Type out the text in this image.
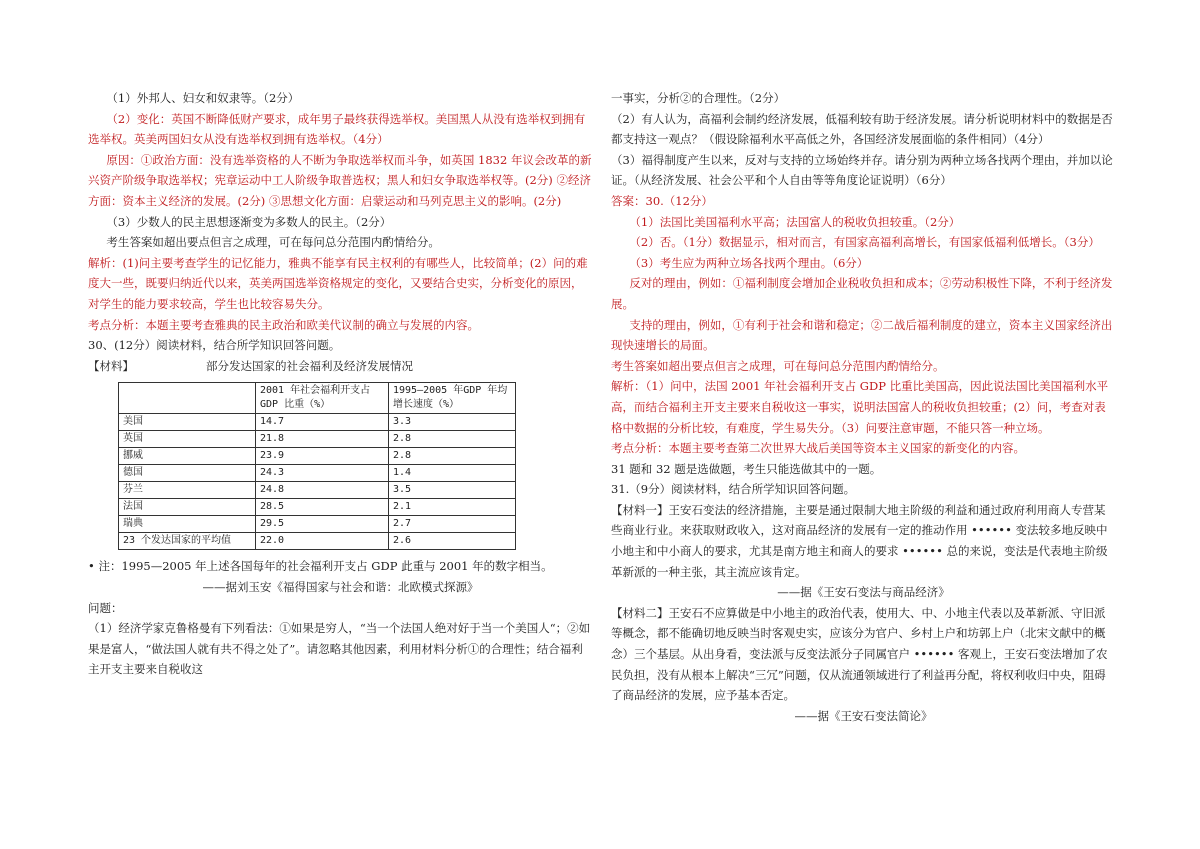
（1）外邦人、妇女和奴隶等。（2分）

（2）变化：英国不断降低财产要求，成年男子最终获得选举权。美国黑人从没有选举权到拥有选举权。英美两国妇女从没有选举权到拥有选举权。（4分）

原因：①政治方面：没有选举资格的人不断为争取选举权而斗争，如英国 1832 年议会改革的新兴资产阶级争取选举权；宪章运动中工人阶级争取普选权；黑人和妇女争取选举权等。(2分) ②经济方面：资本主义经济的发展。(2分) ③思想文化方面：启蒙运动和马列克思主义的影响。(2分)

（3）少数人的民主思想逐渐变为多数人的民主。（2分）

考生答案如超出要点但言之成理，可在每问总分范围内酌情给分。

解析：(1)问主要考查学生的记忆能力，雅典不能享有民主权利的有哪些人，比较简单；(2）问的难度大一些，既要归纳近代以来，英美两国选举资格规定的变化，又要结合史实，分析变化的原因，对学生的能力要求较高，学生也比较容易失分。

考点分析：本题主要考查雅典的民主政治和欧美代议制的确立与发展的内容。

30、(12分）阅读材料，结合所学知识回答问题。

【材料】	部分发达国家的社会福利及经济发展情况
	2001 年社会福利开支占 GDP 比重（%）	1995—2005 年GDP 年均增长速度（%）
美国	14.7	3.3
英国	21.8	2.8
挪威	23.9	2.8
德国	24.3	1.4
芬兰	24.8	3.5
法国	28.5	2.1
瑞典	29.5	2.7
23 个发达国家的平均值	22.0	2.6

• 注：1995—2005 年上述各国每年的社会福利开支占 GDP 此重与 2001 年的数字相当。

——据刘玉安《福得国家与社会和谐：北欧模式探源》

问题：

（1）经济学家克鲁格曼有下列看法：①如果是穷人，“当一个法国人绝对好于当一个美国人“；②如果是富人，“做法国人就有共不得之处了”。请忽略其他因素，利用材料分析①的合理性；结合福利主开支主要来自税收这

一事实，分析②的合理性。（2分）

（2）有人认为，高福利会制约经济发展，低福利较有助于经济发展。请分析说明材料中的数据是否都支持这一观点？（假设除福利水平高低之外，各国经济发展面临的条件相同）（4分）

（3）福得制度产生以来，反对与支持的立场始终并存。请分别为两种立场各找两个理由，并加以论证。（从经济发展、社会公平和个人自由等等角度论证说明）（6分）

答案：30.（12分）

（1）法国比美国福利水平高；法国富人的税收负担较重。（2分）

（2）否。（1分）数据显示，相对而言，有国家高福利高增长，有国家低福利低增长。（3分）

（3）考生应为两种立场各找两个理由。（6分）

反对的理由，例如：①福利制度会增加企业税收负担和成本；②劳动积极性下降，不利于经济发展。

支持的理由，例如，①有利于社会和谐和稳定；②二战后福利制度的建立，资本主义国家经济出现快速增长的局面。

考生答案如超出要点但言之成理，可在每问总分范围内酌情给分。

解析：（1）问中，法国 2001 年社会福利开支占 GDP 比重比美国高，因此说法国比美国福利水平高，而结合福利主开支主要来自税收这一事实，说明法国富人的税收负担较重；(2）问，考查对表格中数据的分析比较，有难度，学生易失分。（3）问要注意审题，不能只答一种立场。

考点分析：本题主要考查第二次世界大战后美国等资本主义国家的新变化的内容。

31 题和 32 题是选做题，考生只能选做其中的一题。

31.（9分）阅读材料，结合所学知识回答问题。

【材料一】王安石变法的经济措施，主要是通过限制大地主阶级的利益和通过政府利用商人专营某些商业行业。来获取财政收入，这对商品经济的发展有一定的推动作用 •••••• 变法较多地反映中小地主和中小商人的要求，尤其是南方地主和商人的要求 •••••• 总的来说，变法是代表地主阶级革新派的一种主张，其主流应该肯定。

——据《王安石变法与商品经济》

【材料二】王安石不应算做是中小地主的政治代表，使用大、中、小地主代表以及革新派、守旧派等概念，都不能确切地反映当时客观史实，应该分为官户、乡村上户和坊郭上户（北宋文献中的概念）三个基层。从出身看，变法派与反变法派分子同属官户 •••••• 客观上，王安石变法增加了农民负担，没有从根本上解决“三冗”问题，仅从流通领域进行了利益再分配，将权利收归中央，阻碍了商品经济的发展，应予基本否定。

——据《王安石变法简论》
